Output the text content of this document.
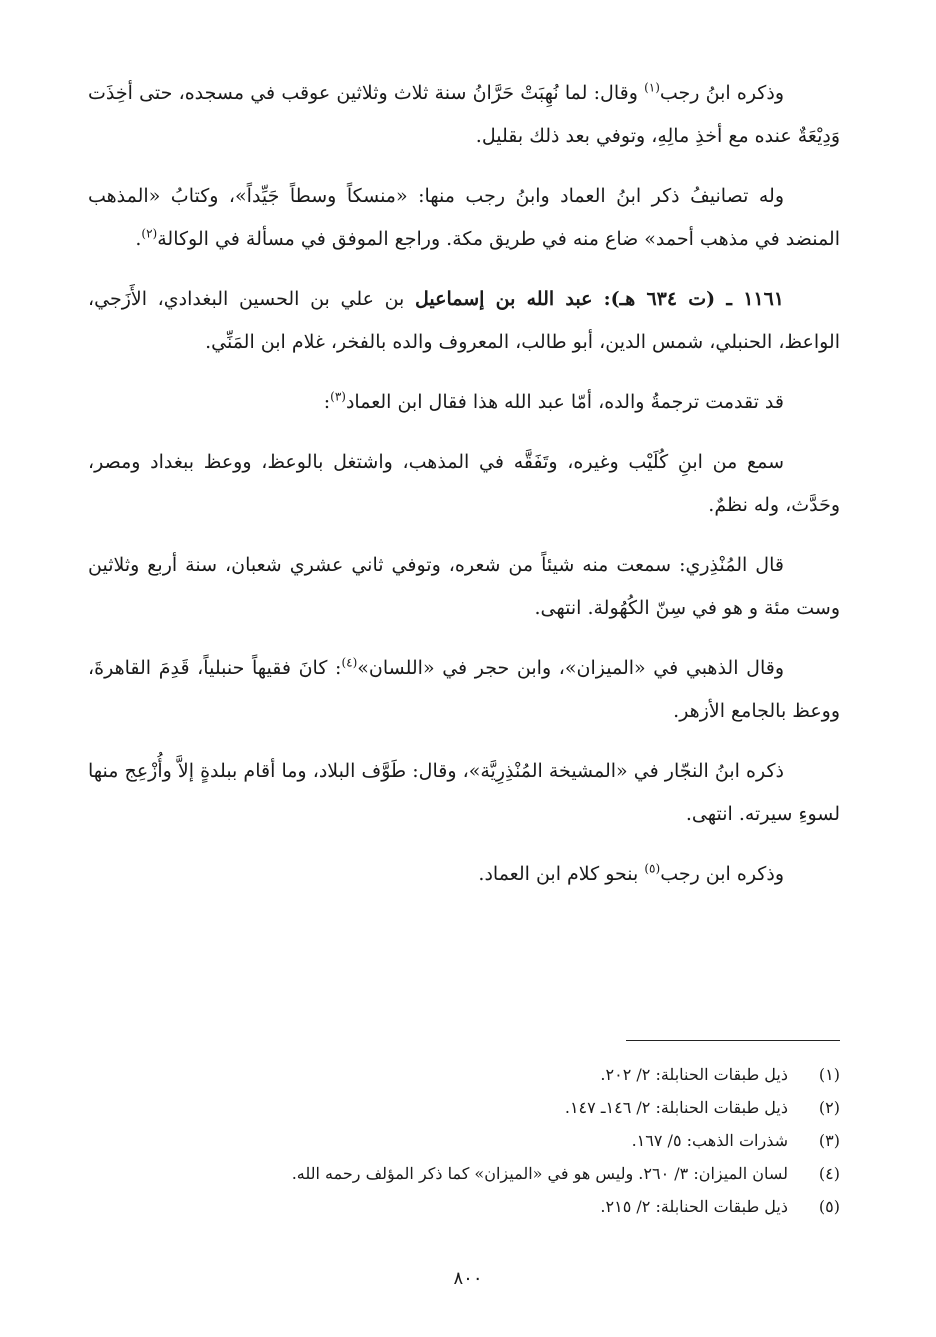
وذكره ابنُ رجب$^{(١)}$ وقال: لما نُهِبَتْ حَرَّانُ سنة ثلاث وثلاثين عوقب في مسجده، حتى أخِذَت وَدِيْعَةٌ عنده مع أخذِ مالِهِ، وتوفي بعد ذلك بقليل.

وله تصانيفُ ذكر ابنُ العماد وابنُ رجب منها: «منسكاً وسطاً جَيِّداً»، وكتابُ «المذهب المنضد في مذهب أحمد» ضاع منه في طريق مكة. وراجع الموفق في مسألة في الوكالة$^{(٢)}$.

١١٦١ ـ (ت ٦٣٤ هـ): عبد الله بن إسماعيل بن علي بن الحسين البغدادي، الأَزَجي، الواعظ، الحنبلي، شمس الدين، أبو طالب، المعروف والده بالفخر، غلام ابن المَنِّي.

قد تقدمت ترجمةُ والده، أمّا عبد الله هذا فقال ابن العماد$^{(٣)}$:

سمع من ابنِ كُلَيْب وغيره، وتَفَقَّه في المذهب، واشتغل بالوعظ، ووعظ ببغداد ومصر، وحَدَّث، وله نظمٌ.

قال المُنْذِري: سمعت منه شيئاً من شعره، وتوفي ثاني عشري شعبان، سنة أربع وثلاثين وست مئة و هو في سِنّ الكُهُولة. انتهى.

وقال الذهبي في «الميزان»، وابن حجر في «اللسان»$^{(٤)}$: كانَ فقيهاً حنبلياً، قَدِمَ القاهرةَ، ووعظ بالجامع الأزهر.

ذكره ابنُ النجّار في «المشيخة المُنْذِرِيَّة»، وقال: طَوَّف البلاد، وما أقام ببلدةٍ إلاَّ وأُزْعِج منها لسوءِ سيرته. انتهى.

وذكره ابن رجب$^{(٥)}$ بنحو كلام ابن العماد.

(١)
ذيل طبقات الحنابلة: ٢/ ٢٠٢.
(٢)
ذيل طبقات الحنابلة: ٢/ ١٤٦ـ ١٤٧.
(٣)
شذرات الذهب: ٥/ ١٦٧.
(٤)
لسان الميزان: ٣/ ٢٦٠. وليس هو في «الميزان» كما ذكر المؤلف رحمه الله.
(٥)
ذيل طبقات الحنابلة: ٢/ ٢١٥.
٨٠٠
